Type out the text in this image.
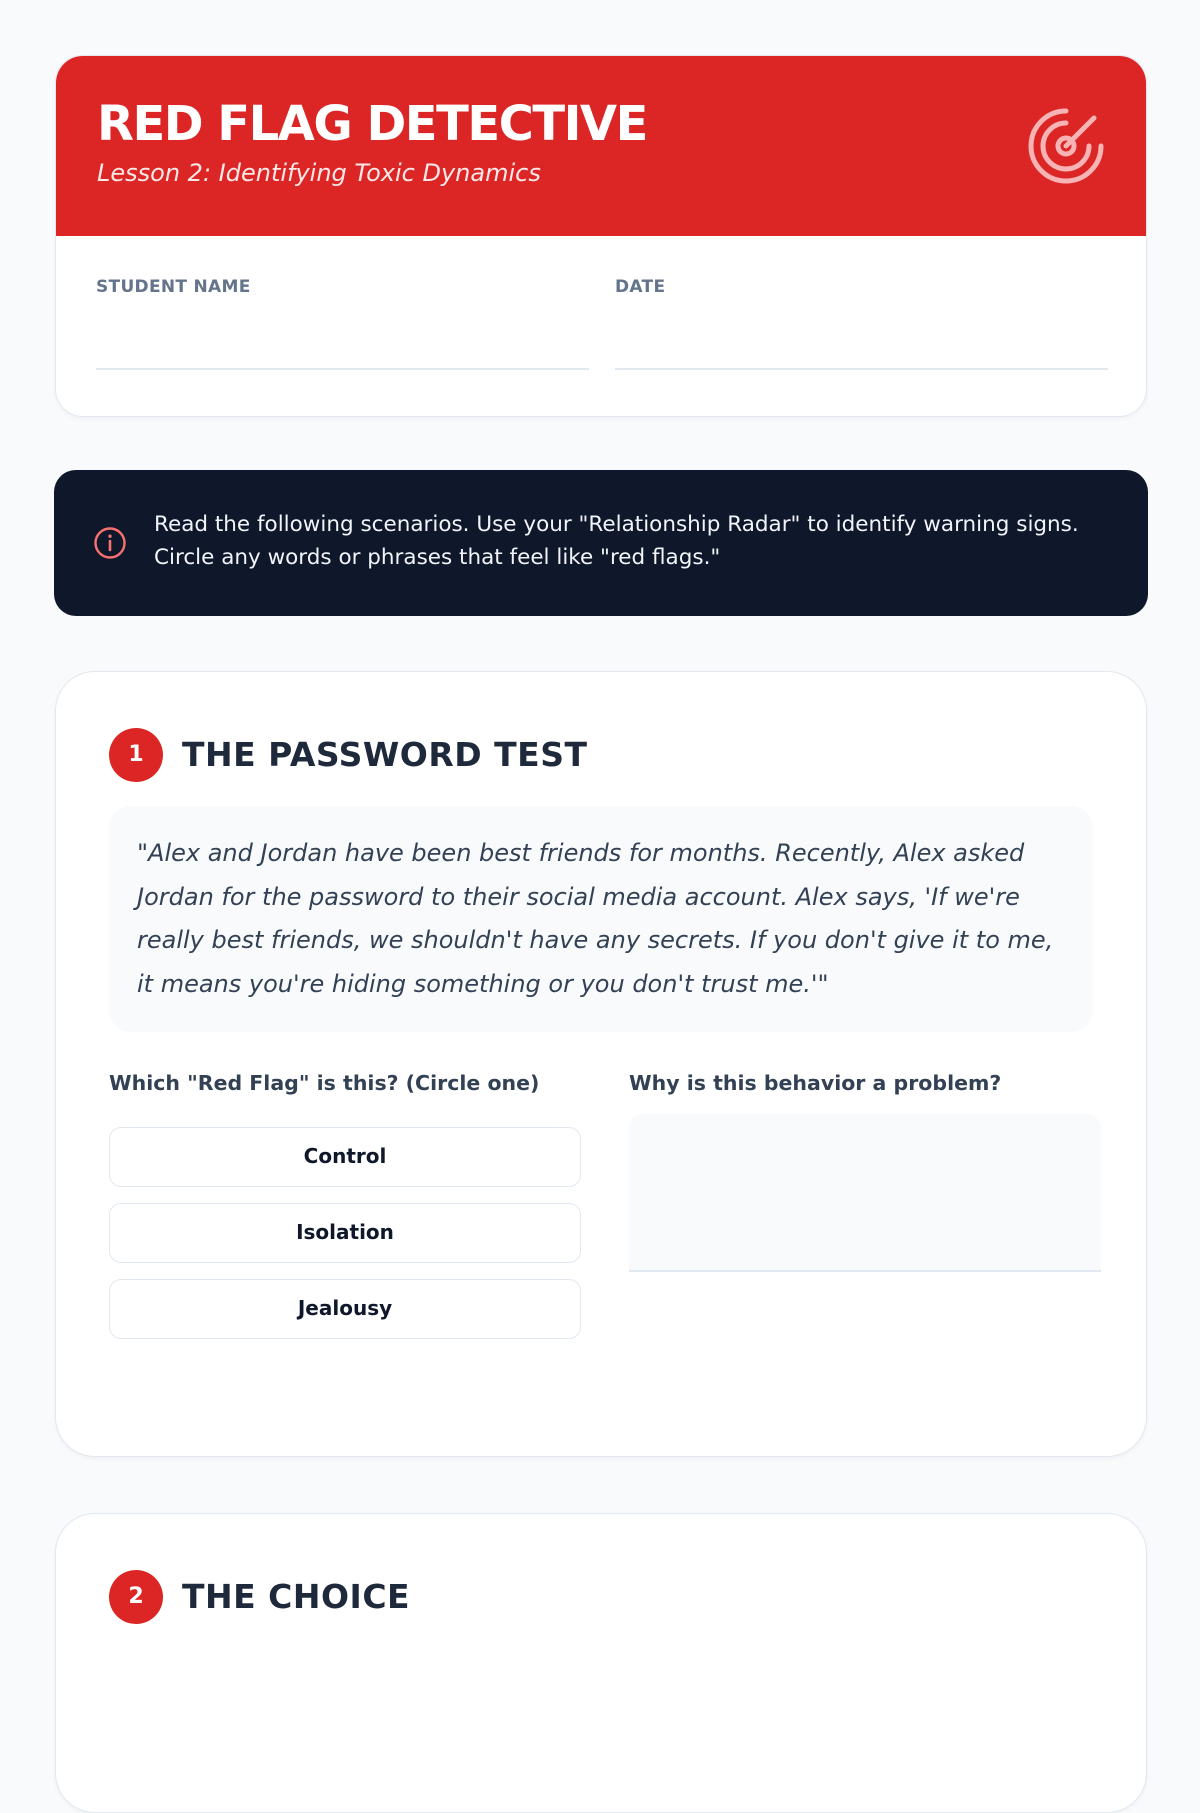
RED FLAG DETECTIVE
Lesson 2: Identifying Toxic Dynamics
STUDENT NAME	DATE
Read the following scenarios. Use your "Relationship Radar" to identify warning signs. Circle any words or phrases that feel like "red flags."
1	THE PASSWORD TEST
"Alex and Jordan have been best friends for months. Recently, Alex asked Jordan for the password to their social media account. Alex says, 'If we're really best friends, we shouldn't have any secrets. If you don't give it to me, it means you're hiding something or you don't trust me.'"
Which "Red Flag" is this? (Circle one)
Control
Isolation
Jealousy
Why is this behavior a problem?
2	THE CHOICE
